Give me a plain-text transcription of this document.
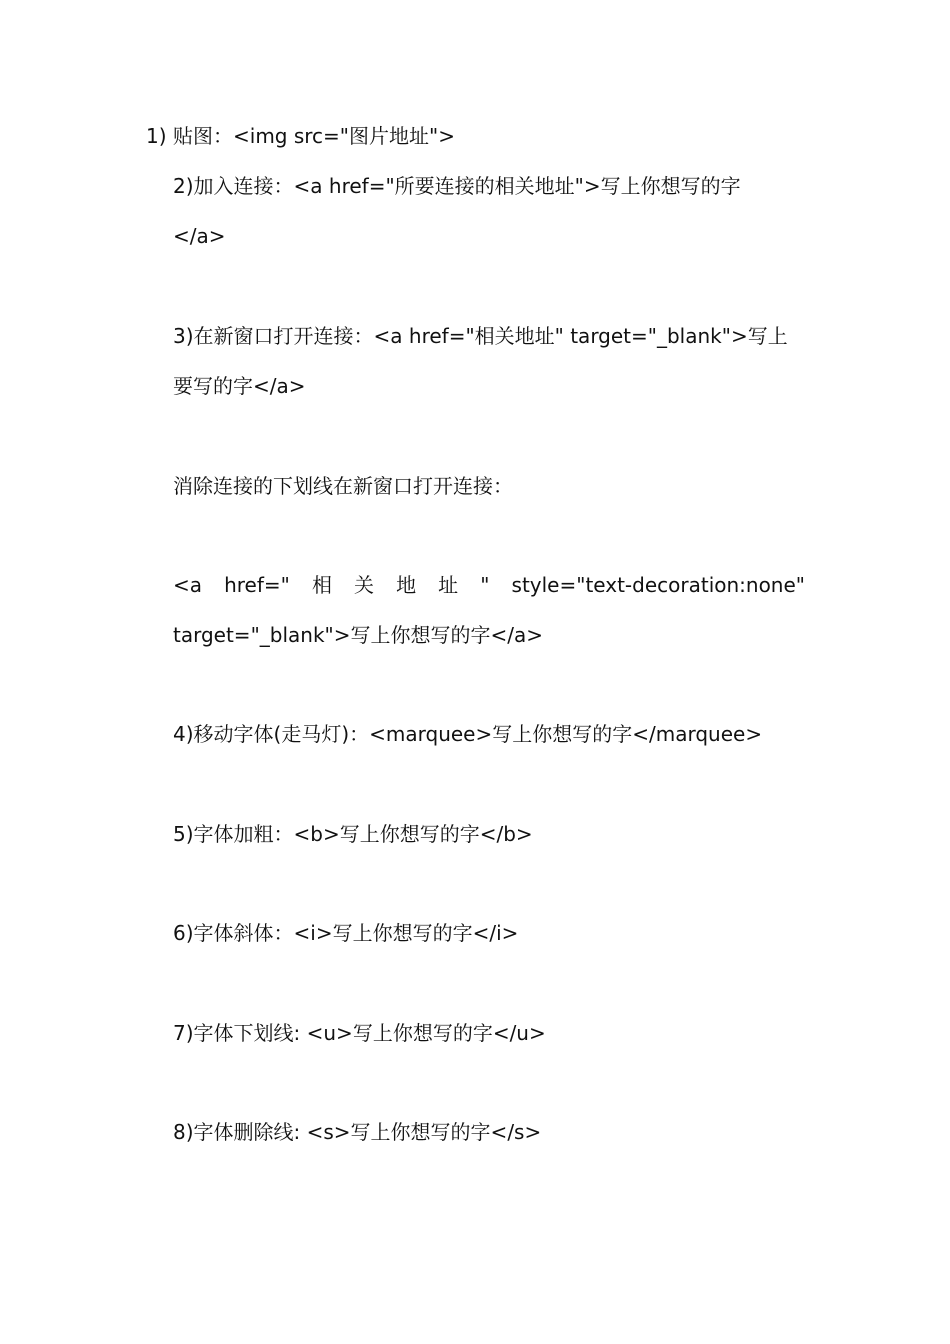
1) 贴图：<img src="图片地址">
2)加入连接：<a href="所要连接的相关地址">写上你想写的字
</a>
3)在新窗口打开连接：<a href="相关地址" target="_blank">写上
要写的字</a>
消除连接的下划线在新窗口打开连接：
<a href=" 相 关 地 址 " style="text-decoration:none"
target="_blank">写上你想写的字</a>
4)移动字体(走马灯)：<marquee>写上你想写的字</marquee>
5)字体加粗：<b>写上你想写的字</b>
6)字体斜体：<i>写上你想写的字</i>
7)字体下划线: <u>写上你想写的字</u>
8)字体删除线: <s>写上你想写的字</s>
